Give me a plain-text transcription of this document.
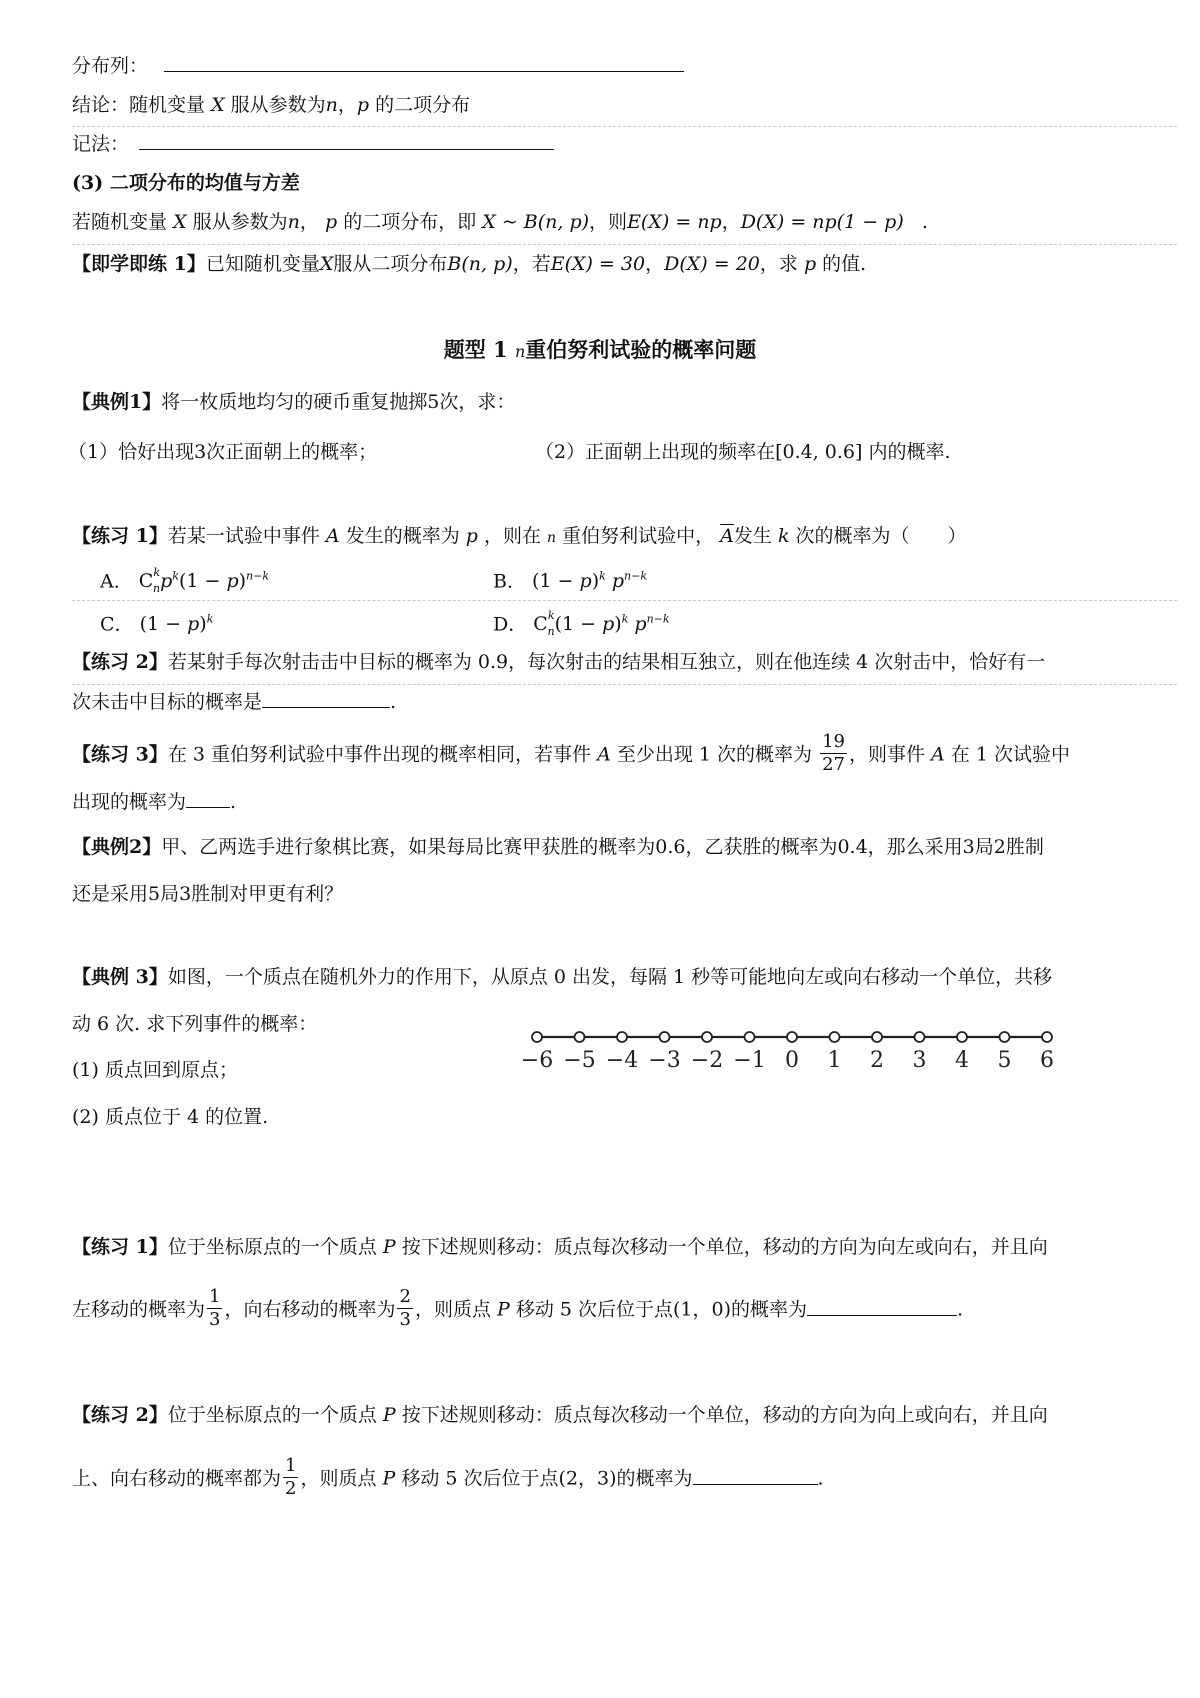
分布列：
结论：随机变量 X 服从参数为n，p 的二项分布
记法：
(3) 二项分布的均值与方差
若随机变量 X 服从参数为n， p 的二项分布，即 X ~ B(n, p)，则E(X) = np，D(X) = np(1 − p) .
【即学即练 1】已知随机变量X服从二项分布B(n, p)，若E(X) = 30，D(X) = 20，求 p 的值.
题型 1 n重伯努利试验的概率问题
【典例1】将一枚质地均匀的硬币重复抛掷5次，求：
（1）恰好出现3次正面朝上的概率；	（2）正面朝上出现的频率在[0.4, 0.6] 内的概率.
【练习 1】若某一试验中事件 A 发生的概率为 p ，则在 n 重伯努利试验中， $\overline{A}$发生 k 次的概率为（　　）
A． $C^k_np^k(1 - p)^{n-k}$	B． $(1 - p)^k$ $p^{n-k}$
C． $(1 - p)^k$	D． $C^k_n(1 - p)^k$ $p^{n-k}$
【练习 2】若某射手每次射击击中目标的概率为 0.9，每次射击的结果相互独立，则在他连续 4 次射击中，恰好有一
次未击中目标的概率是	.
【练习 3】在 3 重伯努利试验中事件出现的概率相同，若事件 A 至少出现 1 次的概率为 $\frac{19}{27}$ ，则事件 A 在 1 次试验中
出现的概率为 .
【典例2】甲、乙两选手进行象棋比赛，如果每局比赛甲获胜的概率为0.6，乙获胜的概率为0.4，那么采用3局2胜制
还是采用5局3胜制对甲更有利？
【典例 3】如图，一个质点在随机外力的作用下，从原点 0 出发，每隔 1 秒等可能地向左或向右移动一个单位，共移
动 6 次. 求下列事件的概率：
(1) 质点回到原点；
(2) 质点位于 4 的位置.
−6 −5 −4 −3 −2 −1 0 1 2 3 4 5 6
【练习 1】位于坐标原点的一个质点 P 按下述规则移动：质点每次移动一个单位，移动的方向为向左或向右，并且向
左移动的概率为 $\frac{1}{3}$ ，向右移动的概率为 $\frac{2}{3}$ ，则质点 P 移动 5 次后位于点(1，0)的概率为	.
【练习 2】位于坐标原点的一个质点 P 按下述规则移动：质点每次移动一个单位，移动的方向为向上或向右，并且向
上、向右移动的概率都为 $\frac{1}{2}$ ，则质点 P 移动 5 次后位于点(2，3)的概率为	.
